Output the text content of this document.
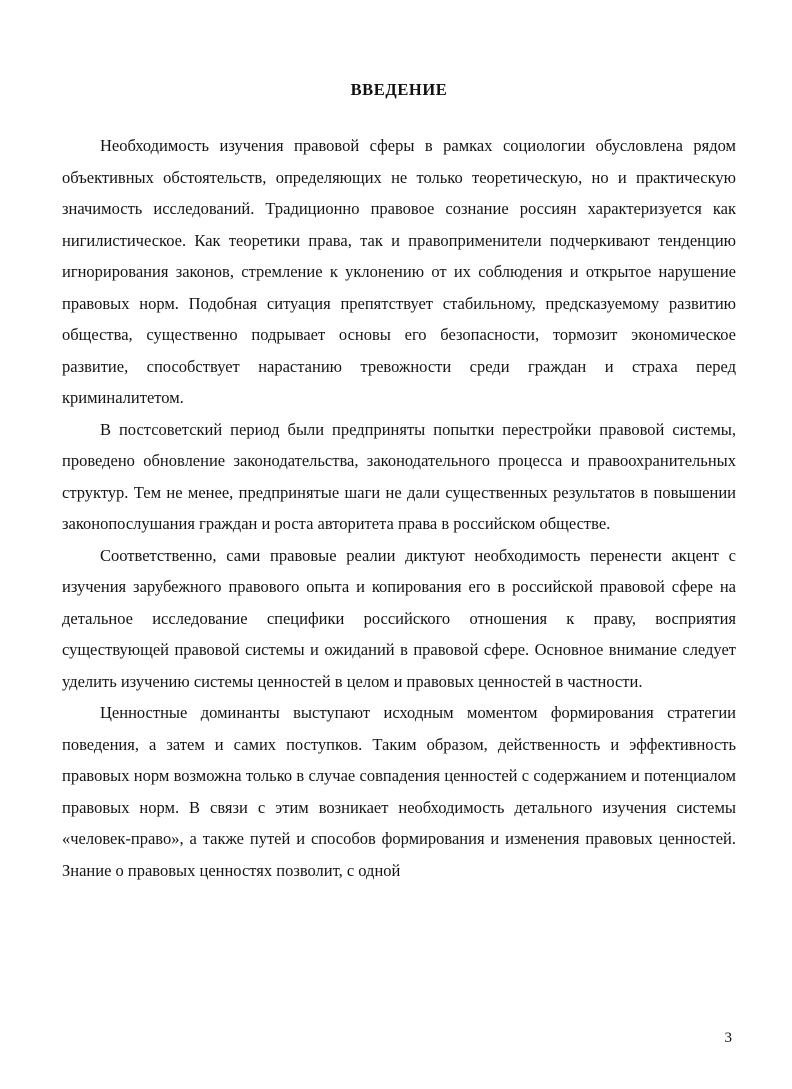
ВВЕДЕНИЕ

Необходимость изучения правовой сферы в рамках социологии обусловлена рядом объективных обстоятельств, определяющих не только теоретическую, но и практическую значимость исследований. Традиционно правовое сознание россиян характеризуется как нигилистическое. Как теоретики права, так и правоприменители подчеркивают тенденцию игнорирования законов, стремление к уклонению от их соблюдения и открытое нарушение правовых норм. Подобная ситуация препятствует стабильному, предсказуемому развитию общества, существенно подрывает основы его безопасности, тормозит экономическое развитие, способствует нарастанию тревожности среди граждан и страха перед криминалитетом.

В постсоветский период были предприняты попытки перестройки правовой системы, проведено обновление законодательства, законодательного процесса и правоохранительных структур. Тем не менее, предпринятые шаги не дали существенных результатов в повышении законопослушания граждан и роста авторитета права в российском обществе.

Соответственно, сами правовые реалии диктуют необходимость перенести акцент с изучения зарубежного правового опыта и копирования его в российской правовой сфере на детальное исследование специфики российского отношения к праву, восприятия существующей правовой системы и ожиданий в правовой сфере. Основное внимание следует уделить изучению системы ценностей в целом и правовых ценностей в частности.

Ценностные доминанты выступают исходным моментом формирования стратегии поведения, а затем и самих поступков. Таким образом, действенность и эффективность правовых норм возможна только в случае совпадения ценностей с содержанием и потенциалом правовых норм. В связи с этим возникает необходимость детального изучения системы «человек-право», а также путей и способов формирования и изменения правовых ценностей. Знание о правовых ценностях позволит, с одной

3
